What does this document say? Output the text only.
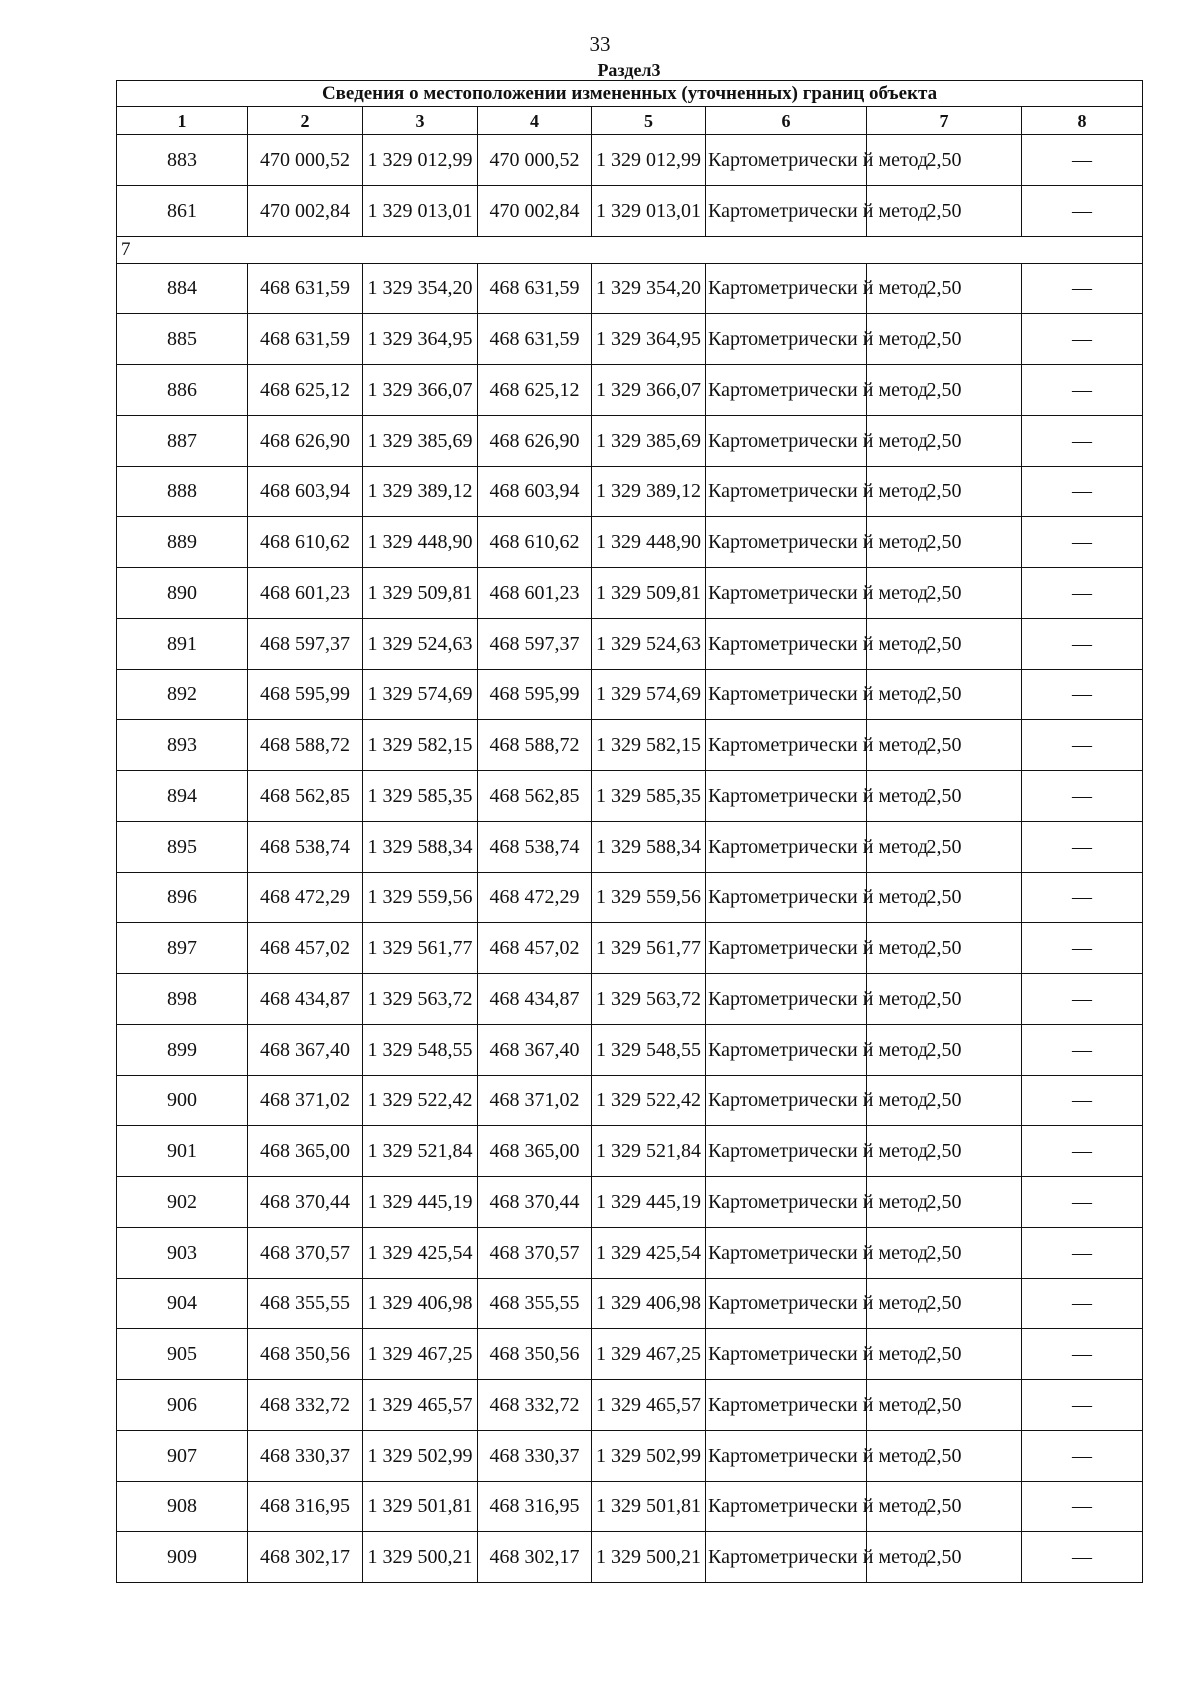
33
Раздел3
Сведения о местоположении измененных (уточненных) границ объекта							
1	2	3	4	5	6	7	8
883	470 000,52	1 329 012,99	470 000,52	1 329 012,99	Картометрически й метод	2,50	—
861	470 002,84	1 329 013,01	470 002,84	1 329 013,01	Картометрически й метод	2,50	—
7							
884	468 631,59	1 329 354,20	468 631,59	1 329 354,20	Картометрически й метод	2,50	—
885	468 631,59	1 329 364,95	468 631,59	1 329 364,95	Картометрически й метод	2,50	—
886	468 625,12	1 329 366,07	468 625,12	1 329 366,07	Картометрически й метод	2,50	—
887	468 626,90	1 329 385,69	468 626,90	1 329 385,69	Картометрически й метод	2,50	—
888	468 603,94	1 329 389,12	468 603,94	1 329 389,12	Картометрически й метод	2,50	—
889	468 610,62	1 329 448,90	468 610,62	1 329 448,90	Картометрически й метод	2,50	—
890	468 601,23	1 329 509,81	468 601,23	1 329 509,81	Картометрически й метод	2,50	—
891	468 597,37	1 329 524,63	468 597,37	1 329 524,63	Картометрически й метод	2,50	—
892	468 595,99	1 329 574,69	468 595,99	1 329 574,69	Картометрически й метод	2,50	—
893	468 588,72	1 329 582,15	468 588,72	1 329 582,15	Картометрически й метод	2,50	—
894	468 562,85	1 329 585,35	468 562,85	1 329 585,35	Картометрически й метод	2,50	—
895	468 538,74	1 329 588,34	468 538,74	1 329 588,34	Картометрически й метод	2,50	—
896	468 472,29	1 329 559,56	468 472,29	1 329 559,56	Картометрически й метод	2,50	—
897	468 457,02	1 329 561,77	468 457,02	1 329 561,77	Картометрически й метод	2,50	—
898	468 434,87	1 329 563,72	468 434,87	1 329 563,72	Картометрически й метод	2,50	—
899	468 367,40	1 329 548,55	468 367,40	1 329 548,55	Картометрически й метод	2,50	—
900	468 371,02	1 329 522,42	468 371,02	1 329 522,42	Картометрически й метод	2,50	—
901	468 365,00	1 329 521,84	468 365,00	1 329 521,84	Картометрически й метод	2,50	—
902	468 370,44	1 329 445,19	468 370,44	1 329 445,19	Картометрически й метод	2,50	—
903	468 370,57	1 329 425,54	468 370,57	1 329 425,54	Картометрически й метод	2,50	—
904	468 355,55	1 329 406,98	468 355,55	1 329 406,98	Картометрически й метод	2,50	—
905	468 350,56	1 329 467,25	468 350,56	1 329 467,25	Картометрически й метод	2,50	—
906	468 332,72	1 329 465,57	468 332,72	1 329 465,57	Картометрически й метод	2,50	—
907	468 330,37	1 329 502,99	468 330,37	1 329 502,99	Картометрически й метод	2,50	—
908	468 316,95	1 329 501,81	468 316,95	1 329 501,81	Картометрически й метод	2,50	—
909	468 302,17	1 329 500,21	468 302,17	1 329 500,21	Картометрически й метод	2,50	—
